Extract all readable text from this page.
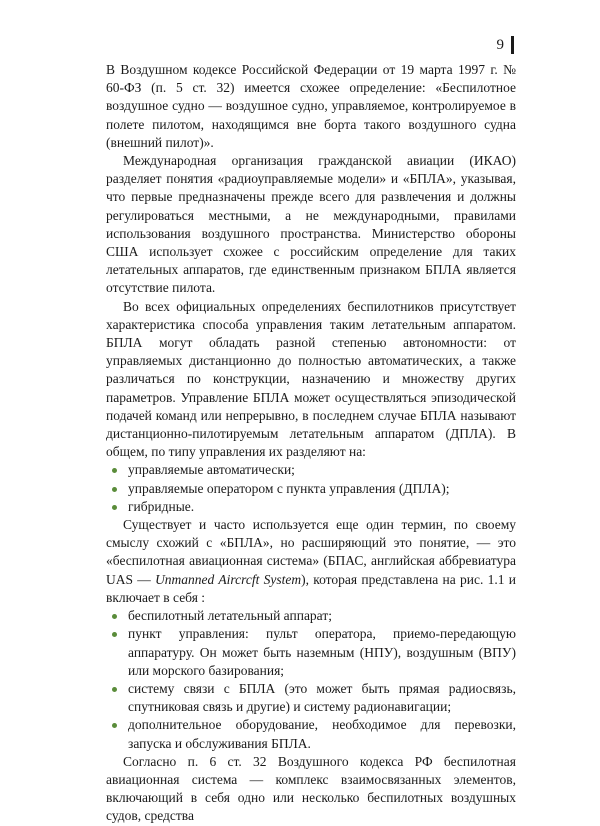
9

В Воздушном кодексе Российской Федерации от 19 марта 1997 г. № 60-ФЗ (п. 5 ст. 32) имеется схожее определение: «Беспилотное воздушное судно — воздушное судно, управляемое, контролируемое в полете пилотом, находящимся вне борта такого воздушного судна (внешний пилот)».

Международная организация гражданской авиации (ИКАО) разделяет понятия «радиоуправляемые модели» и «БПЛА», указывая, что первые предназначены прежде всего для развлечения и должны регулироваться местными, а не международными, правилами использования воздушного пространства. Министерство обороны США использует схожее с российским определение для таких летательных аппаратов, где единственным признаком БПЛА является отсутствие пилота.

Во всех официальных определениях беспилотников присутствует характеристика способа управления таким летательным аппаратом. БПЛА могут обладать разной степенью автономности: от управляемых дистанционно до полностью автоматических, а также различаться по конструкции, назначению и множеству других параметров. Управление БПЛА может осуществляться эпизодической подачей команд или непрерывно, в последнем случае БПЛА называют дистанционно-пилотируемым летательным аппаратом (ДПЛА). В общем, по типу управления их разделяют на:

управляемые автоматически;
управляемые оператором с пункта управления (ДПЛА);
гибридные.

Существует и часто используется еще один термин, по своему смыслу схожий с «БПЛА», но расширяющий это понятие, — это «беспилотная авиационная система» (БПАС, английская аббревиатура UAS — Unmanned Aircrcft System), которая представлена на рис. 1.1 и включает в себя :

беспилотный летательный аппарат;
пункт управления: пульт оператора, приемо-передающую аппаратуру. Он может быть наземным (НПУ), воздушным (ВПУ) или морского базирования;
систему связи с БПЛА (это может быть прямая радиосвязь, спутниковая связь и другие) и систему радионавигации;
дополнительное оборудование, необходимое для перевозки, запуска и обслуживания БПЛА.

Согласно п. 6 ст. 32 Воздушного кодекса РФ беспилотная авиационная система — комплекс взаимосвязанных элементов, включающий в себя одно или несколько беспилотных воздушных судов, средства
